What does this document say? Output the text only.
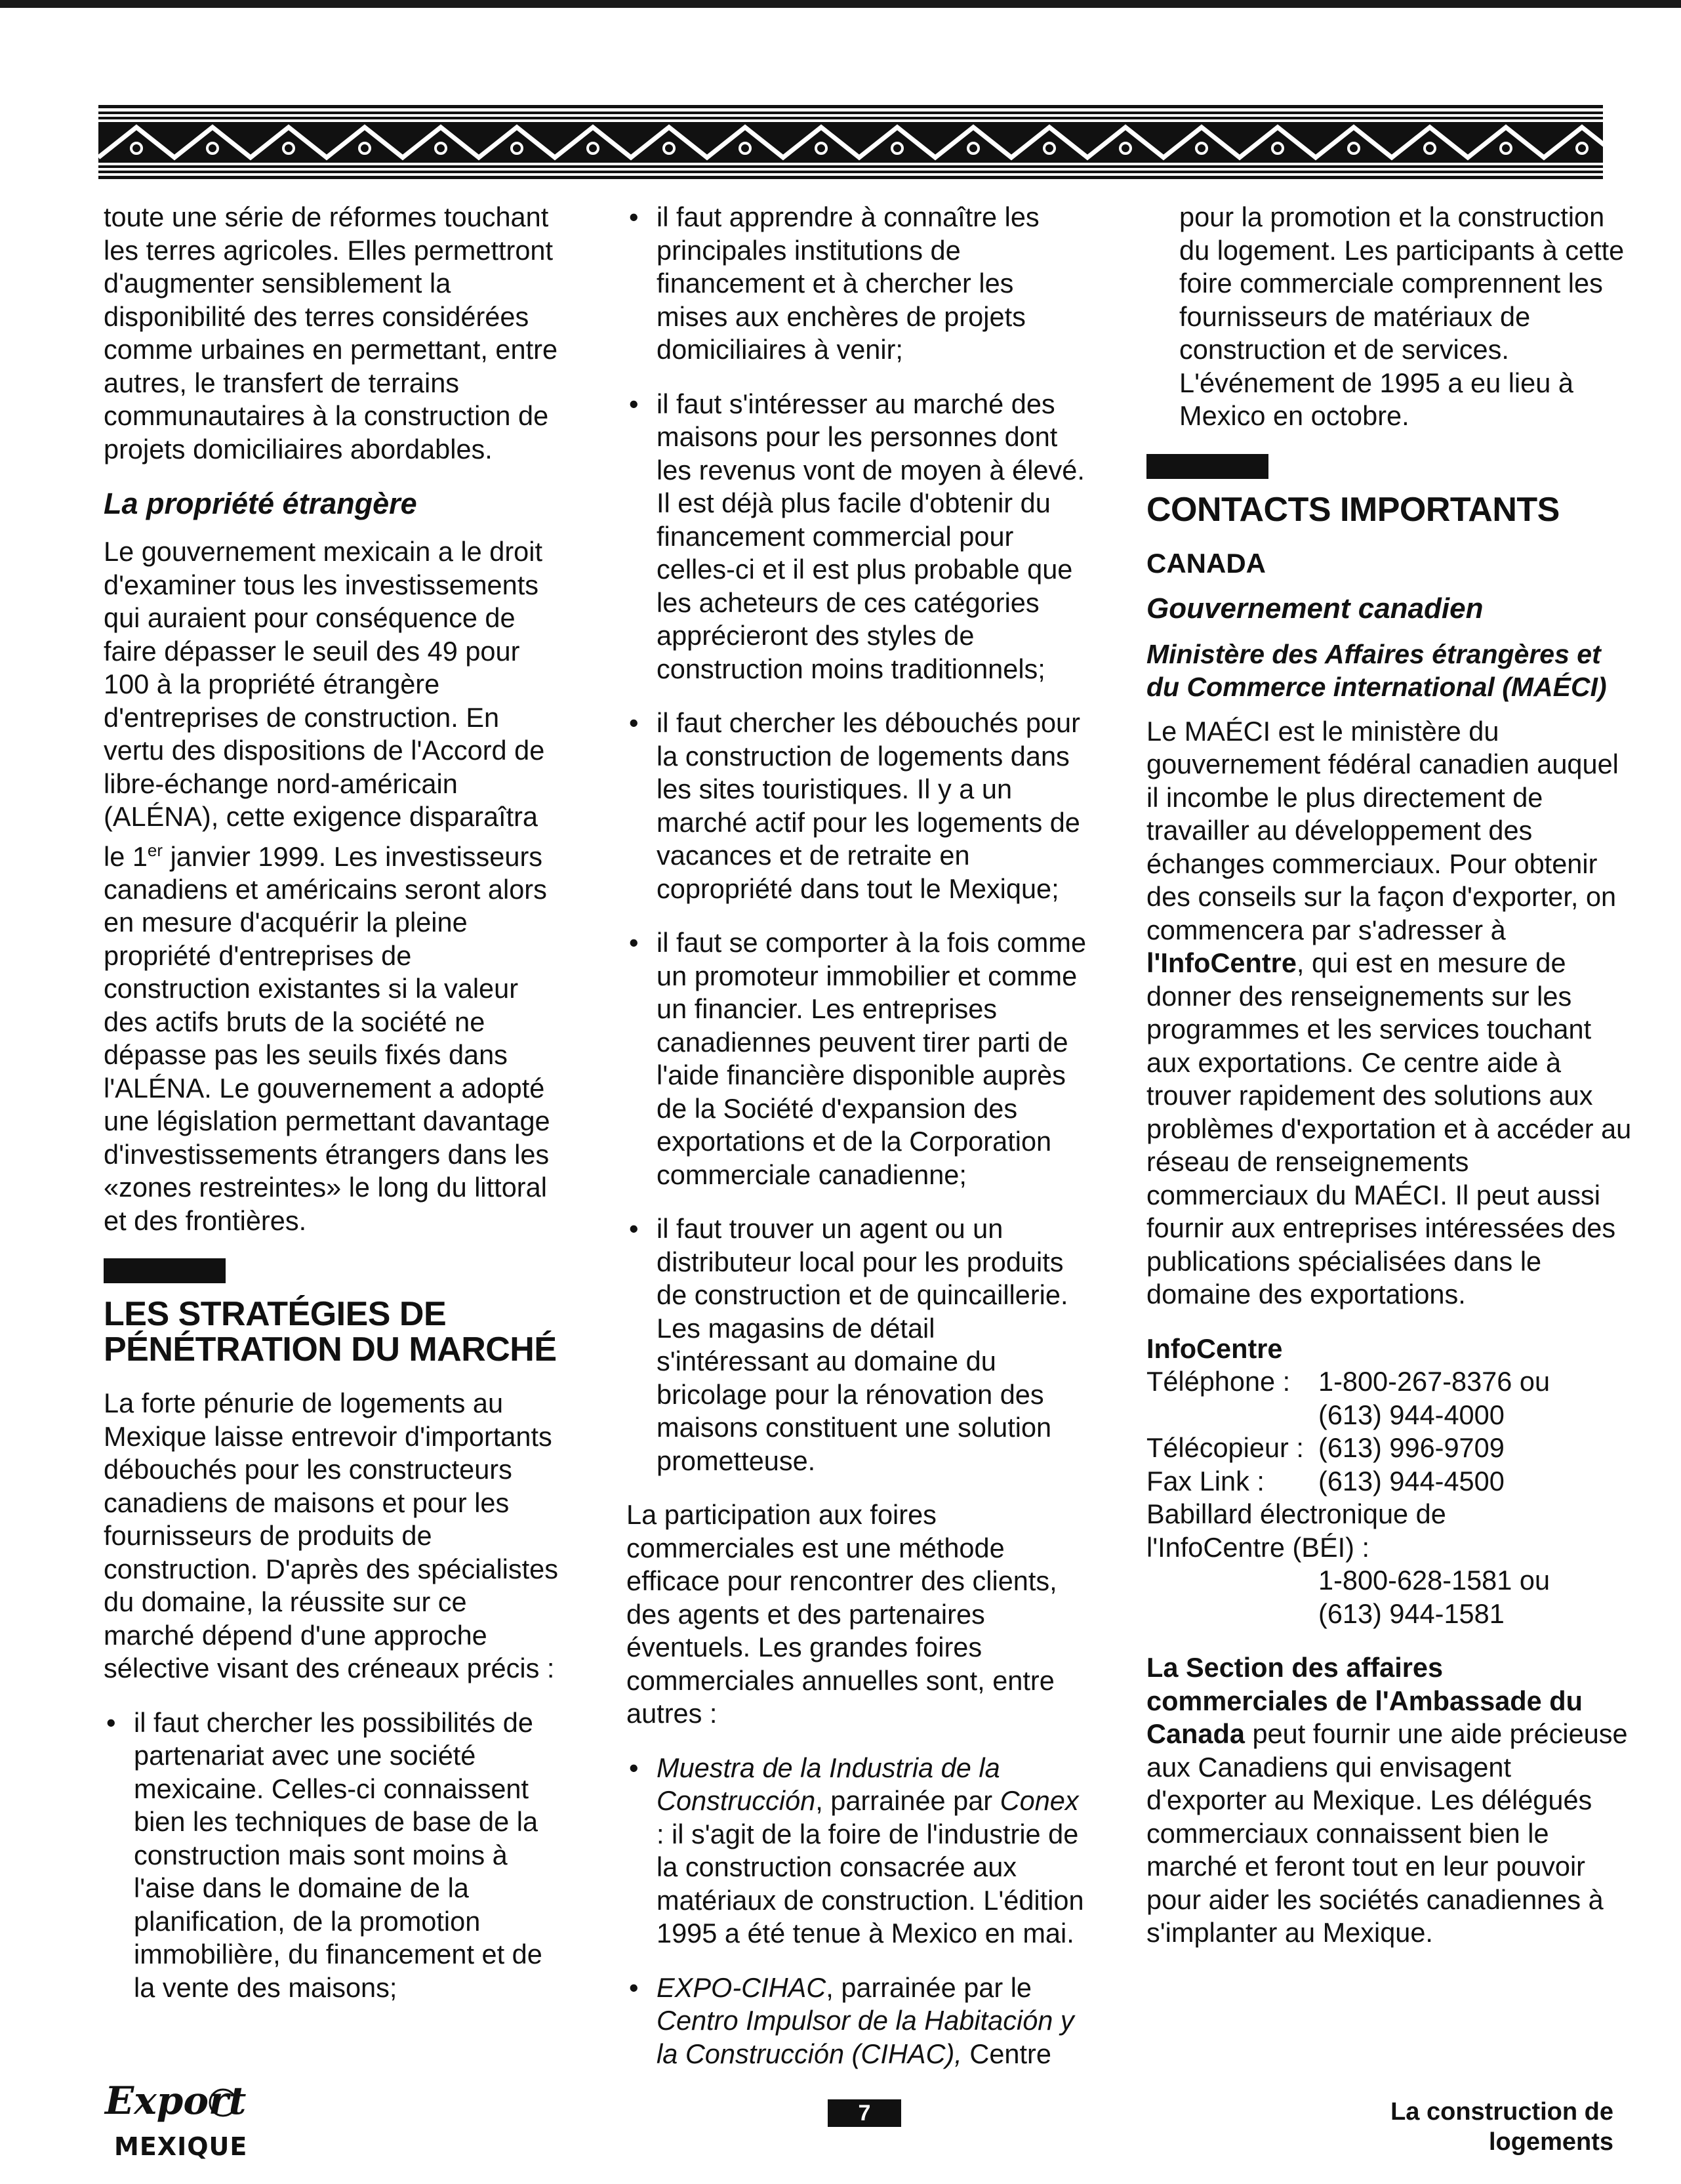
toute une série de réformes touchant les terres agricoles. Elles permettront d'augmenter sensiblement la disponibilité des terres considérées comme urbaines en permettant, entre autres, le transfert de terrains communautaires à la construction de projets domiciliaires abordables.

La propriété étrangère

Le gouvernement mexicain a le droit d'examiner tous les investissements qui auraient pour conséquence de faire dépasser le seuil des 49 pour 100 à la propriété étrangère d'entreprises de construction. En vertu des dispositions de l'Accord de libre-échange nord-américain (ALÉNA), cette exigence disparaîtra le 1er janvier 1999. Les investisseurs canadiens et américains seront alors en mesure d'acquérir la pleine propriété d'entreprises de construction existantes si la valeur des actifs bruts de la société ne dépasse pas les seuils fixés dans l'ALÉNA. Le gouvernement a adopté une législation permettant davantage d'investissements étrangers dans les «zones restreintes» le long du littoral et des frontières.

LES STRATÉGIES DE PÉNÉTRATION DU MARCHÉ

La forte pénurie de logements au Mexique laisse entrevoir d'importants débouchés pour les constructeurs canadiens de maisons et pour les fournisseurs de produits de construction. D'après des spécialistes du domaine, la réussite sur ce marché dépend d'une approche sélective visant des créneaux précis :

• il faut chercher les possibilités de partenariat avec une société mexicaine. Celles-ci connaissent bien les techniques de base de la construction mais sont moins à l'aise dans le domaine de la planification, de la promotion immobilière, du financement et de la vente des maisons;
• il faut apprendre à connaître les principales institutions de financement et à chercher les mises aux enchères de projets domiciliaires à venir;
• il faut s'intéresser au marché des maisons pour les personnes dont les revenus vont de moyen à élevé. Il est déjà plus facile d'obtenir du financement commercial pour celles-ci et il est plus probable que les acheteurs de ces catégories apprécieront des styles de construction moins traditionnels;
• il faut chercher les débouchés pour la construction de logements dans les sites touristiques. Il y a un marché actif pour les logements de vacances et de retraite en copropriété dans tout le Mexique;
• il faut se comporter à la fois comme un promoteur immobilier et comme un financier. Les entreprises canadiennes peuvent tirer parti de l'aide financière disponible auprès de la Société d'expansion des exportations et de la Corporation commerciale canadienne;
• il faut trouver un agent ou un distributeur local pour les produits de construction et de quincaillerie. Les magasins de détail s'intéressant au domaine du bricolage pour la rénovation des maisons constituent une solution prometteuse.

La participation aux foires commerciales est une méthode efficace pour rencontrer des clients, des agents et des partenaires éventuels. Les grandes foires commerciales annuelles sont, entre autres :

• Muestra de la Industria de la Construcción, parrainée par Conex : il s'agit de la foire de l'industrie de la construction consacrée aux matériaux de construction. L'édition 1995 a été tenue à Mexico en mai.
• EXPO-CIHAC, parrainée par le Centro Impulsor de la Habitación y la Construcción (CIHAC), Centre

pour la promotion et la construction du logement. Les participants à cette foire commerciale comprennent les fournisseurs de matériaux de construction et de services. L'événement de 1995 a eu lieu à Mexico en octobre.

CONTACTS IMPORTANTS
CANADA
Gouvernement canadien
Ministère des Affaires étrangères et du Commerce international (MAÉCI)

Le MAÉCI est le ministère du gouvernement fédéral canadien auquel il incombe le plus directement de travailler au développement des échanges commerciaux. Pour obtenir des conseils sur la façon d'exporter, on commencera par s'adresser à l'InfoCentre, qui est en mesure de donner des renseignements sur les programmes et les services touchant aux exportations. Ce centre aide à trouver rapidement des solutions aux problèmes d'exportation et à accéder au réseau de renseignements commerciaux du MAÉCI. Il peut aussi fournir aux entreprises intéressées des publications spécialisées dans le domaine des exportations.

InfoCentre
Téléphone :	1-800-267-8376 ou
(613) 944-4000
Télécopieur : (613) 996-9709
Fax Link :	(613) 944-4500
Babillard électronique de
l'InfoCentre (BÉI) :
1-800-628-1581 ou
(613) 944-1581

La Section des affaires commerciales de l'Ambassade du Canada peut fournir une aide précieuse aux Canadiens qui envisagent d'exporter au Mexique. Les délégués commerciaux connaissent bien le marché et feront tout en leur pouvoir pour aider les sociétés canadiennes à s'implanter au Mexique.

Export
MEXIQUE
7	La construction de logements
